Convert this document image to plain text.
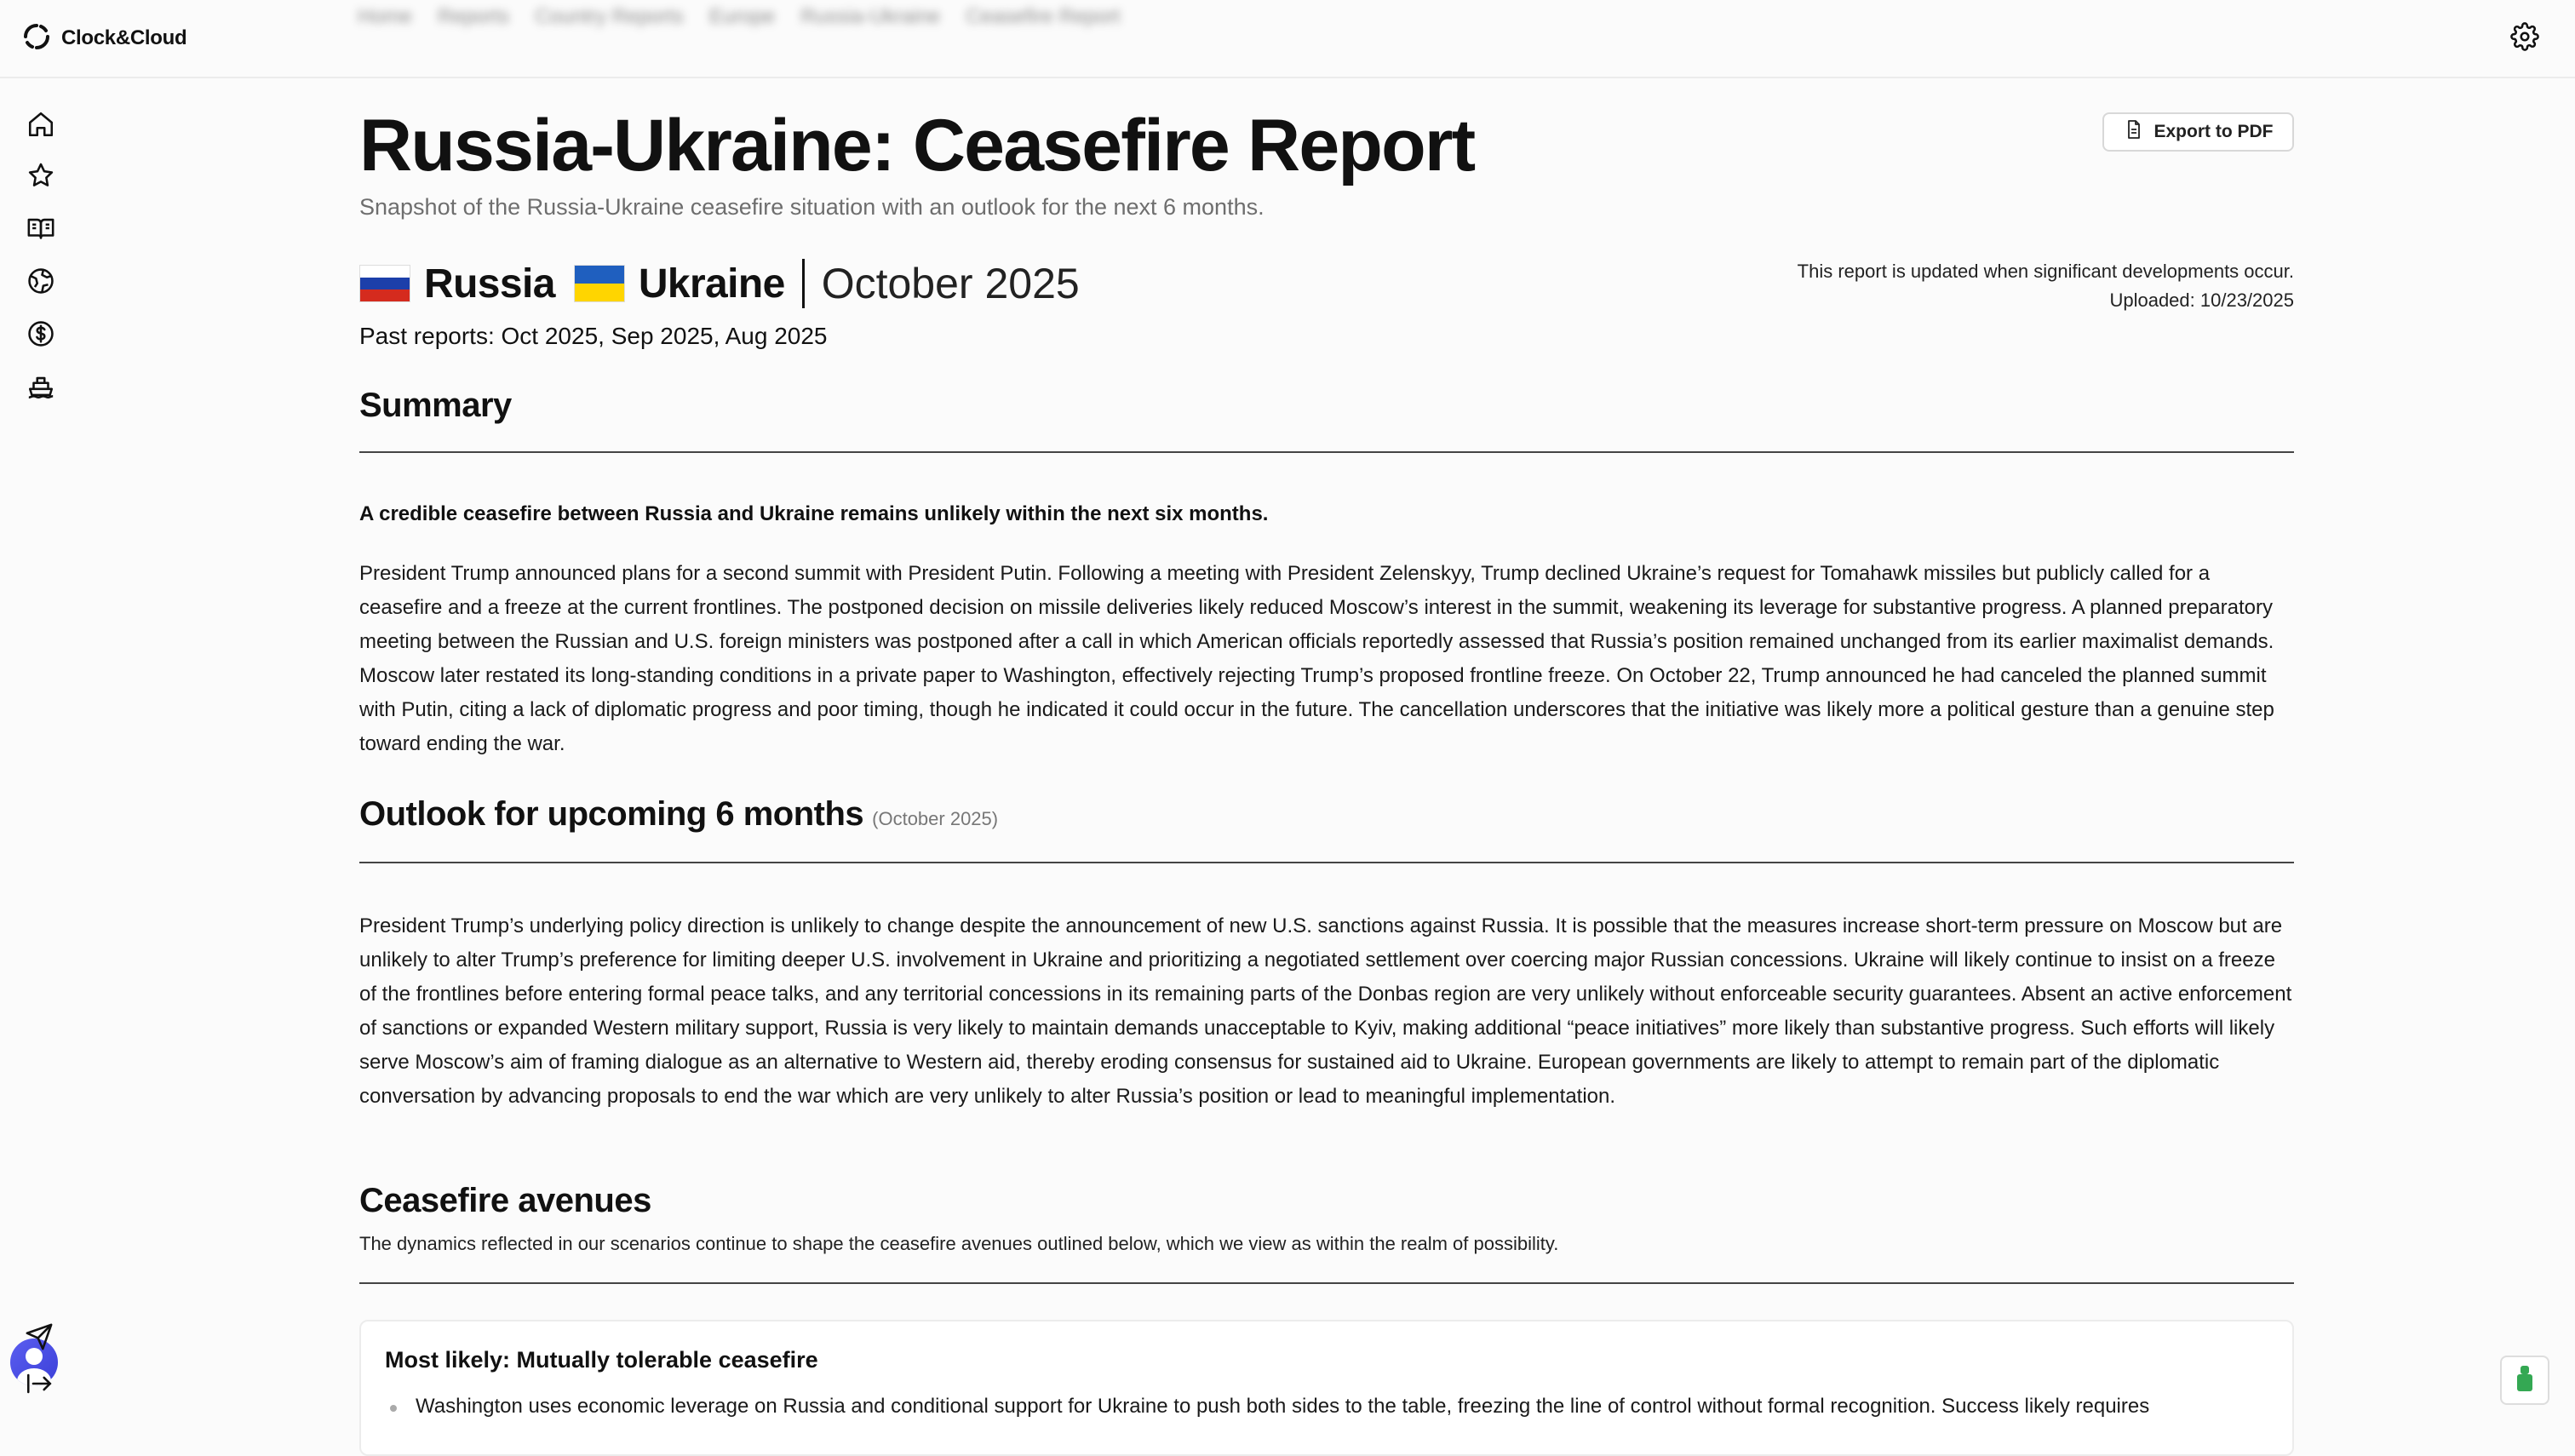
Clock&Cloud
Home Reports Country Reports Europe Russia-Ukraine Ceasefire Report
Russia-Ukraine: Ceasefire Report
Snapshot of the Russia-Ukraine ceasefire situation with an outlook for the next 6 months.
Export to PDF
Russia Ukraine October 2025	This report is updated when significant developments occur.
Uploaded: 10/23/2025
Past reports: Oct 2025, Sep 2025, Aug 2025
Summary
A credible ceasefire between Russia and Ukraine remains unlikely within the next six months.

President Trump announced plans for a second summit with President Putin. Following a meeting with President Zelenskyy, Trump declined Ukraine’s request for Tomahawk missiles but publicly called for a ceasefire and a freeze at the current frontlines. The postponed decision on missile deliveries likely reduced Moscow’s interest in the summit, weakening its leverage for substantive progress. A planned preparatory meeting between the Russian and U.S. foreign ministers was postponed after a call in which American officials reportedly assessed that Russia’s position remained unchanged from its earlier maximalist demands. Moscow later restated its long-standing conditions in a private paper to Washington, effectively rejecting Trump’s proposed frontline freeze. On October 22, Trump announced he had canceled the planned summit with Putin, citing a lack of diplomatic progress and poor timing, though he indicated it could occur in the future. The cancellation underscores that the initiative was likely more a political gesture than a genuine step toward ending the war.

Outlook for upcoming 6 months (October 2025)

President Trump’s underlying policy direction is unlikely to change despite the announcement of new U.S. sanctions against Russia. It is possible that the measures increase short-term pressure on Moscow but are unlikely to alter Trump’s preference for limiting deeper U.S. involvement in Ukraine and prioritizing a negotiated settlement over coercing major Russian concessions. Ukraine will likely continue to insist on a freeze of the frontlines before entering formal peace talks, and any territorial concessions in its remaining parts of the Donbas region are very unlikely without enforceable security guarantees. Absent an active enforcement of sanctions or expanded Western military support, Russia is very likely to maintain demands unacceptable to Kyiv, making additional “peace initiatives” more likely than substantive progress. Such efforts will likely serve Moscow’s aim of framing dialogue as an alternative to Western aid, thereby eroding consensus for sustained aid to Ukraine. European governments are likely to attempt to remain part of the diplomatic conversation by advancing proposals to end the war which are very unlikely to alter Russia’s position or lead to meaningful implementation.

Ceasefire avenues
The dynamics reflected in our scenarios continue to shape the ceasefire avenues outlined below, which we view as within the realm of possibility.
Most likely: Mutually tolerable ceasefire
Washington uses economic leverage on Russia and conditional support for Ukraine to push both sides to the table, freezing the line of control without formal recognition. Success likely requires
